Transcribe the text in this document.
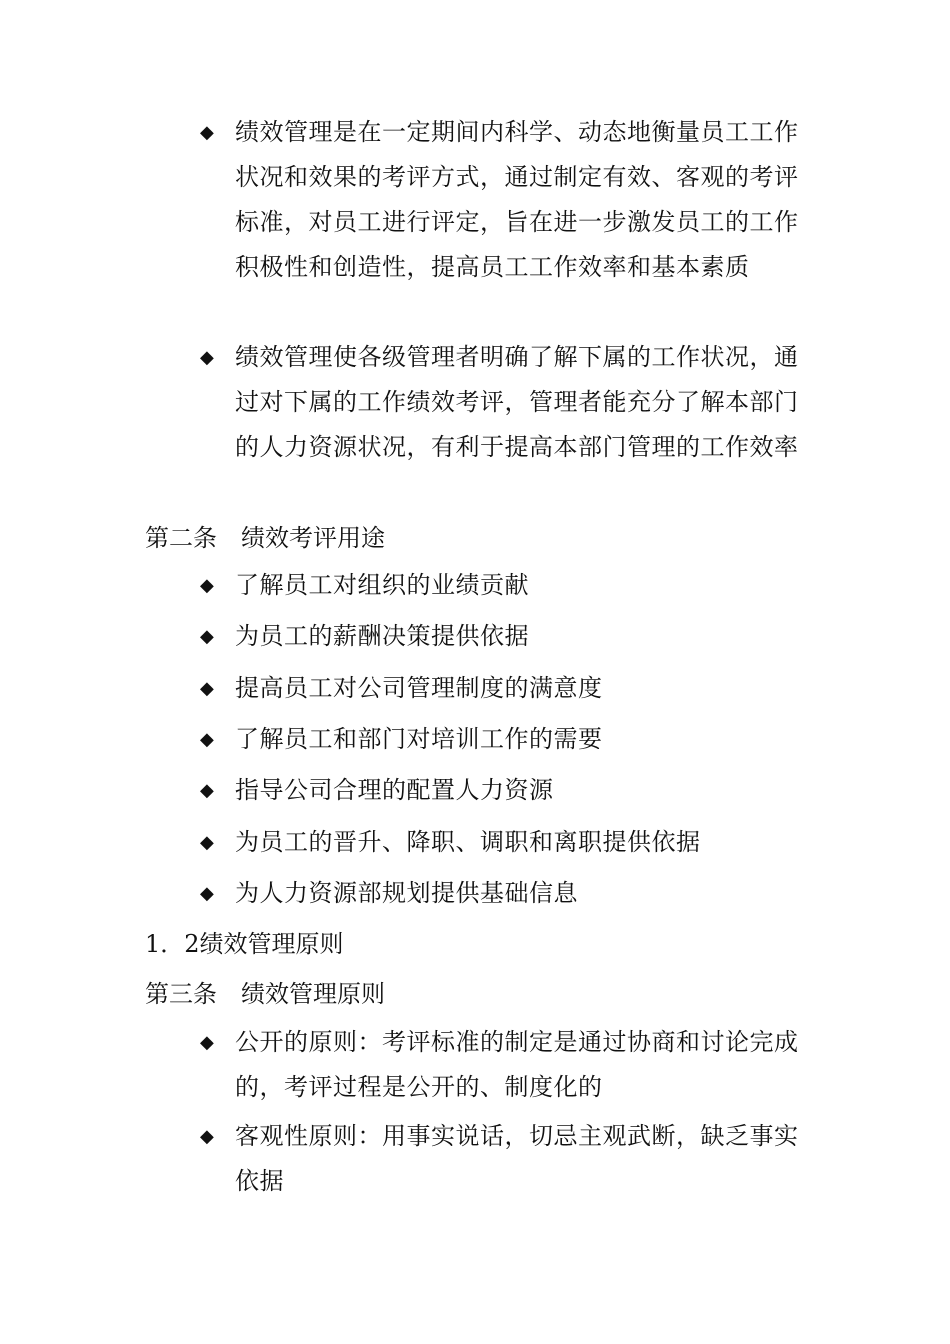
◆ 绩效管理是在一定期间内科学、动态地衡量员工工作状况和效果的考评方式，通过制定有效、客观的考评标准，对员工进行评定，旨在进一步激发员工的工作积极性和创造性，提高员工工作效率和基本素质
◆ 绩效管理使各级管理者明确了解下属的工作状况，通过对下属的工作绩效考评，管理者能充分了解本部门的人力资源状况，有利于提高本部门管理的工作效率
第二条　绩效考评用途
◆ 了解员工对组织的业绩贡献
◆ 为员工的薪酬决策提供依据
◆ 提高员工对公司管理制度的满意度
◆ 了解员工和部门对培训工作的需要
◆ 指导公司合理的配置人力资源
◆ 为员工的晋升、降职、调职和离职提供依据
◆ 为人力资源部规划提供基础信息
1．2绩效管理原则
第三条　绩效管理原则
◆ 公开的原则：考评标准的制定是通过协商和讨论完成的，考评过程是公开的、制度化的
◆ 客观性原则：用事实说话，切忌主观武断，缺乏事实依据
